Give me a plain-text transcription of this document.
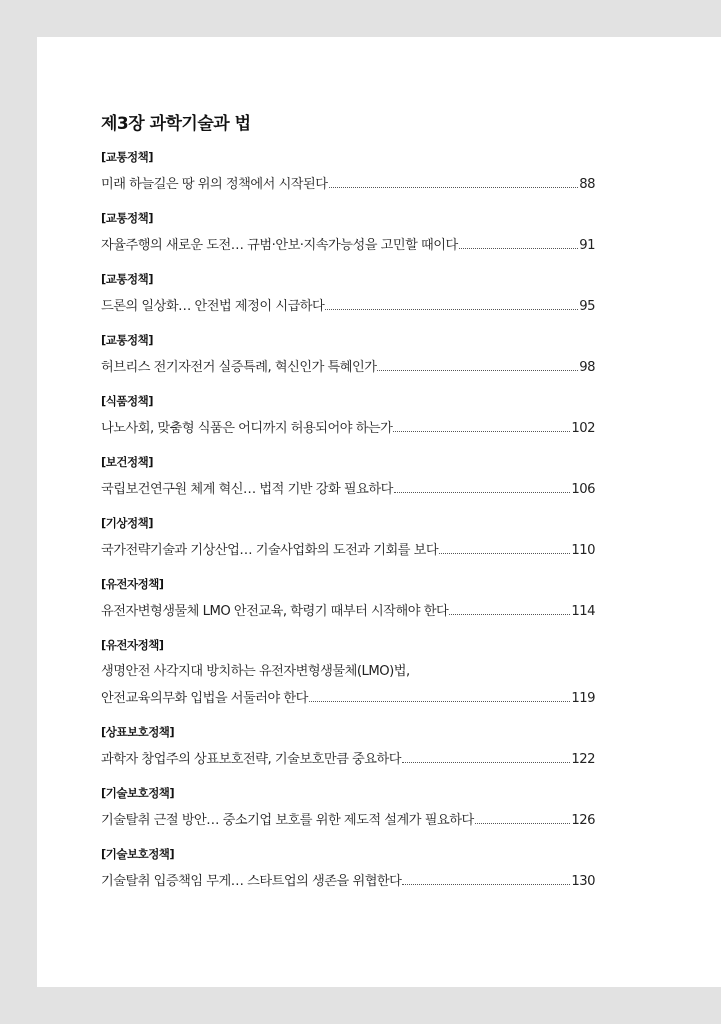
제3장 과학기술과 법
[교통정책]
미래 하늘길은 땅 위의 정책에서 시작된다	88
[교통정책]
자율주행의 새로운 도전… 규범·안보·지속가능성을 고민할 때이다	91
[교통정책]
드론의 일상화… 안전법 제정이 시급하다	95
[교통정책]
허브리스 전기자전거 실증특례, 혁신인가 특혜인가	98
[식품정책]
나노사회, 맞춤형 식품은 어디까지 허용되어야 하는가	102
[보건정책]
국립보건연구원 체계 혁신… 법적 기반 강화 필요하다	106
[기상정책]
국가전략기술과 기상산업… 기술사업화의 도전과 기회를 보다	110
[유전자정책]
유전자변형생물체 LMO 안전교육, 학령기 때부터 시작해야 한다	114
[유전자정책]
생명안전 사각지대 방치하는 유전자변형생물체(LMO)법,
안전교육의무화 입법을 서둘러야 한다	119
[상표보호정책]
과학자 창업주의 상표보호전략, 기술보호만큼 중요하다	122
[기술보호정책]
기술탈취 근절 방안… 중소기업 보호를 위한 제도적 설계가 필요하다	126
[기술보호정책]
기술탈취 입증책임 무게… 스타트업의 생존을 위협한다	130
